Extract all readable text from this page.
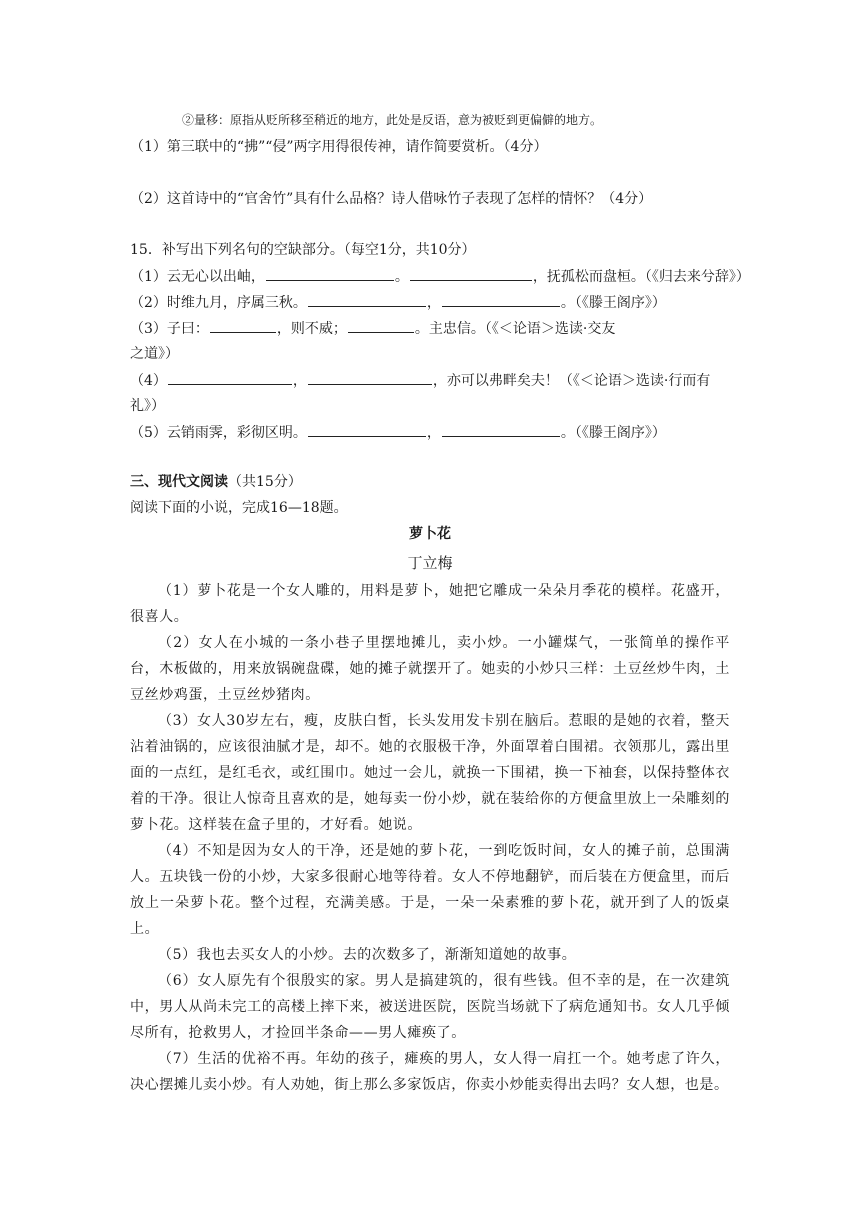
②量移：原指从贬所移至稍近的地方，此处是反语，意为被贬到更偏僻的地方。
（1）第三联中的“拂”“侵”两字用得很传神，请作简要赏析。（4分）
（2）这首诗中的“官舍竹”具有什么品格？诗人借咏竹子表现了怎样的情怀？（4分）
15．补写出下列名句的空缺部分。（每空1分，共10分）
（1）云无心以出岫，	。	，抚孤松而盘桓。（《归去来兮辞》）
（2）时维九月，序属三秋。	，	。（《滕王阁序》）
（3）子曰：	，则不威；	。主忠信。（《＜论语＞选读·交友
之道》）
（4）	，	，亦可以弗畔矣夫！（《＜论语＞选读·行而有
礼》）
（5）云销雨霁，彩彻区明。	，	。（《滕王阁序》）
三、现代文阅读（共15分）
阅读下面的小说，完成16—18题。
萝卜花
丁立梅

（1）萝卜花是一个女人雕的，用料是萝卜，她把它雕成一朵朵月季花的模样。花盛开，很喜人。

（2）女人在小城的一条小巷子里摆地摊儿，卖小炒。一小罐煤气，一张简单的操作平台，木板做的，用来放锅碗盘碟，她的摊子就摆开了。她卖的小炒只三样：土豆丝炒牛肉，土豆丝炒鸡蛋，土豆丝炒猪肉。

（3）女人30岁左右，瘦，皮肤白皙，长头发用发卡别在脑后。惹眼的是她的衣着，整天沾着油锅的，应该很油腻才是，却不。她的衣服极干净，外面罩着白围裙。衣领那儿，露出里面的一点红，是红毛衣，或红围巾。她过一会儿，就换一下围裙，换一下袖套，以保持整体衣着的干净。很让人惊奇且喜欢的是，她每卖一份小炒，就在装给你的方便盒里放上一朵雕刻的萝卜花。这样装在盒子里的，才好看。她说。

（4）不知是因为女人的干净，还是她的萝卜花，一到吃饭时间，女人的摊子前，总围满人。五块钱一份的小炒，大家多很耐心地等待着。女人不停地翻铲，而后装在方便盒里，而后放上一朵萝卜花。整个过程，充满美感。于是，一朵一朵素雅的萝卜花，就开到了人的饭桌上。

（5）我也去买女人的小炒。去的次数多了，渐渐知道她的故事。

（6）女人原先有个很殷实的家。男人是搞建筑的，很有些钱。但不幸的是，在一次建筑中，男人从尚未完工的高楼上摔下来，被送进医院，医院当场就下了病危通知书。女人几乎倾尽所有，抢救男人，才捡回半条命——男人瘫痪了。

（7）生活的优裕不再。年幼的孩子，瘫痪的男人，女人得一肩扛一个。她考虑了许久，决心摆摊儿卖小炒。有人劝她，街上那么多家饭店，你卖小炒能卖得出去吗？女人想，也是。
